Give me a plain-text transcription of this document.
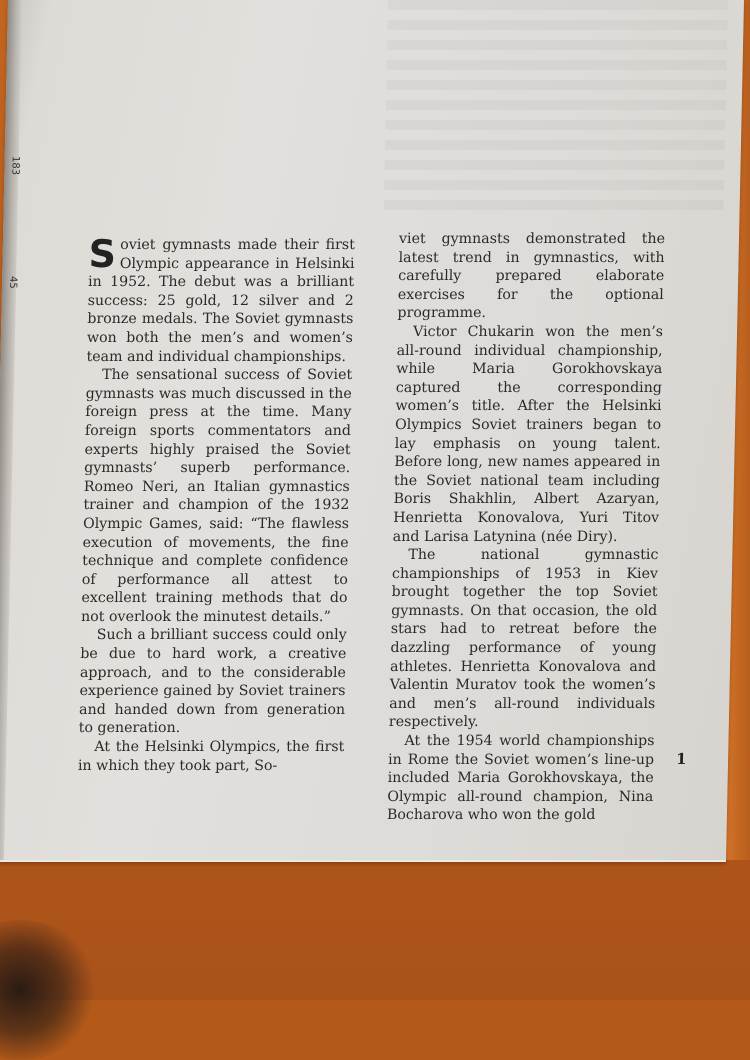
183
45

Soviet gymnasts made their first Olympic appearance in Helsinki in 1952. The debut was a brilliant success: 25 gold, 12 silver and 2 bronze medals. The Soviet gymnasts won both the men’s and women’s team and individual championships.

The sensational success of Soviet gymnasts was much discussed in the foreign press at the time. Many foreign sports commentators and experts highly praised the Soviet gymnasts’ superb performance. Romeo Neri, an Italian gymnastics trainer and champion of the 1932 Olympic Games, said: “The flawless execution of movements, the fine technique and complete confidence of performance all attest to excellent training methods that do not overlook the minutest details.”

Such a brilliant success could only be due to hard work, a creative approach, and to the considerable experience gained by Soviet trainers and handed down from generation to generation.

At the Helsinki Olympics, the first in which they took part, So-

viet gymnasts demonstrated the latest trend in gymnastics, with carefully prepared elaborate exercises for the optional programme.

Victor Chukarin won the men’s all-round individual championship, while Maria Gorokhovskaya captured the corresponding women’s title. After the Helsinki Olympics Soviet trainers began to lay emphasis on young talent. Before long, new names appeared in the Soviet national team including Boris Shakhlin, Albert Azaryan, Henrietta Konovalova, Yuri Titov and Larisa Latynina (née Diry).

The national gymnastic championships of 1953 in Kiev brought together the top Soviet gymnasts. On that occasion, the old stars had to retreat before the dazzling performance of young athletes. Henrietta Konovalova and Valentin Muratov took the women’s and men’s all-round individuals respectively.

At the 1954 world championships in Rome the Soviet women’s line-up included Maria Gorokhovskaya, the Olympic all-round champion, Nina Bocharova who won the gold

1
